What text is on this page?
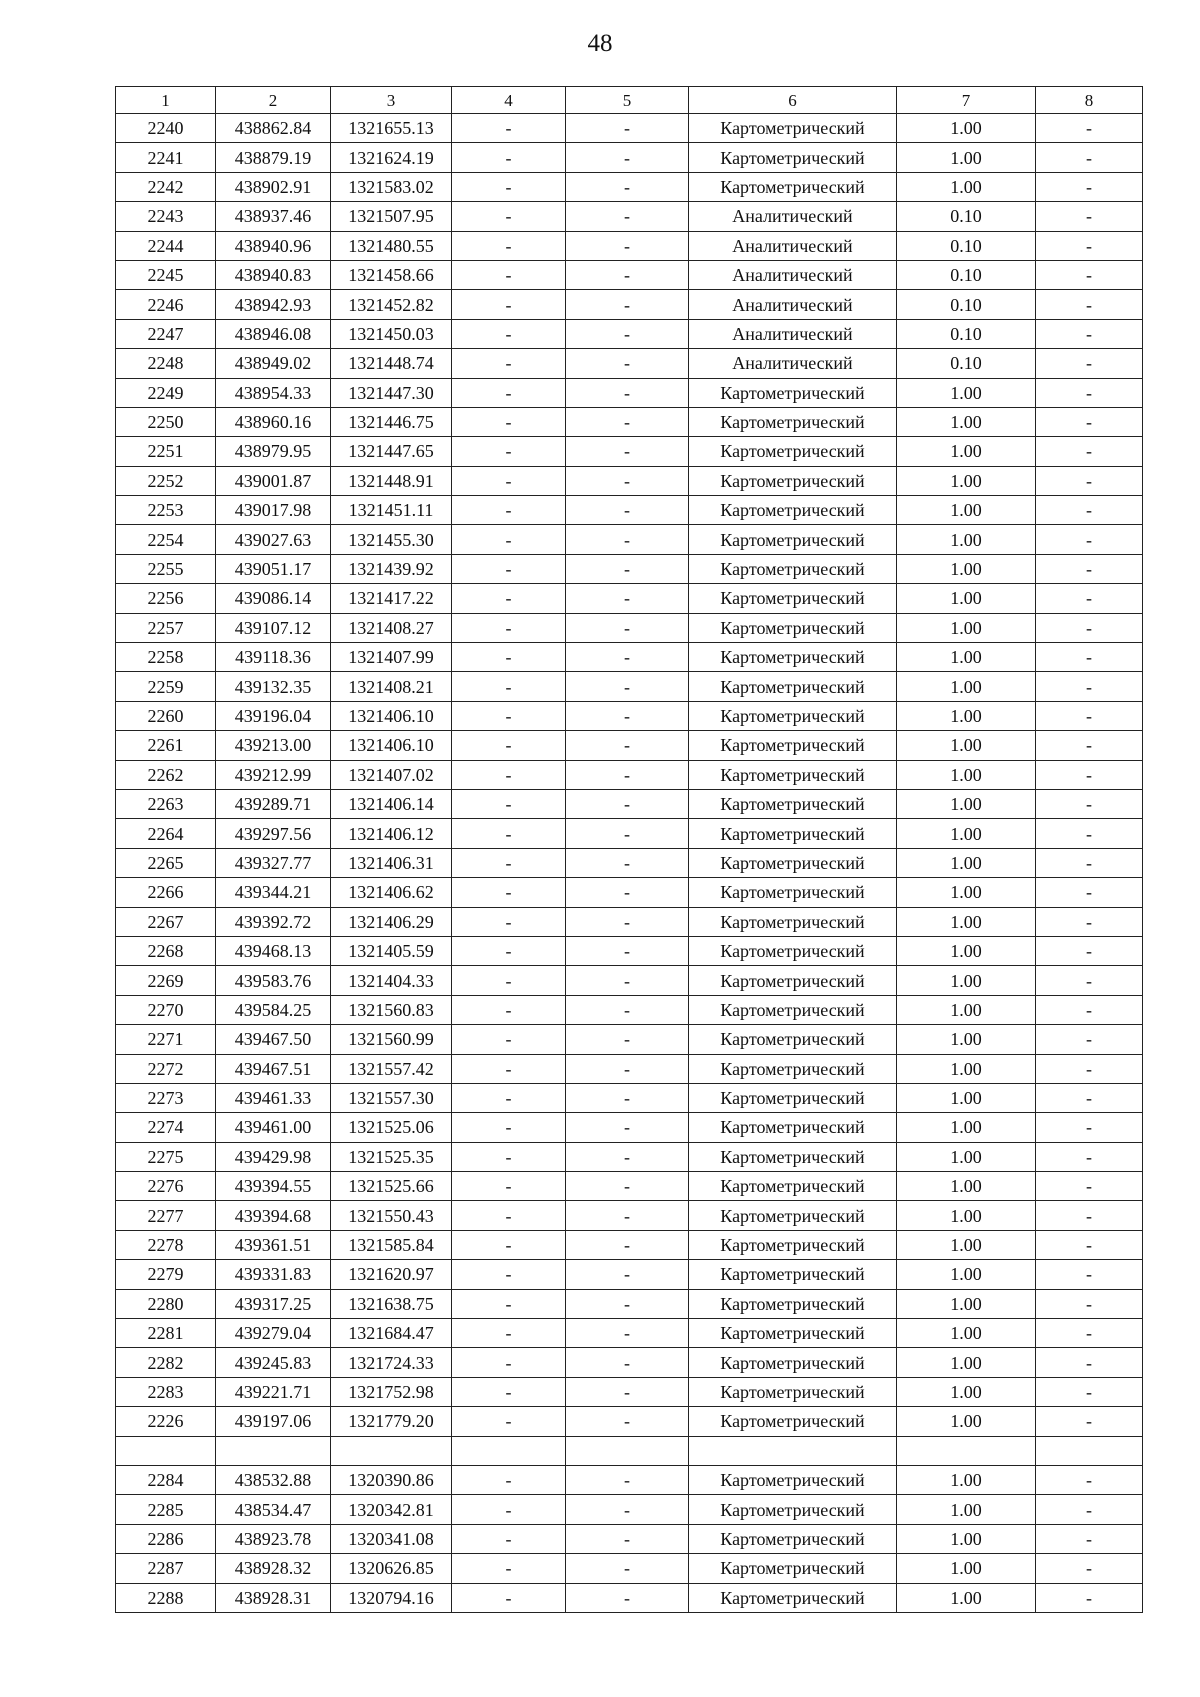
48
1	2	3	4	5	6	7	8
2240	438862.84	1321655.13	-	-	Картометрический	1.00	-
2241	438879.19	1321624.19	-	-	Картометрический	1.00	-
2242	438902.91	1321583.02	-	-	Картометрический	1.00	-
2243	438937.46	1321507.95	-	-	Аналитический	0.10	-
2244	438940.96	1321480.55	-	-	Аналитический	0.10	-
2245	438940.83	1321458.66	-	-	Аналитический	0.10	-
2246	438942.93	1321452.82	-	-	Аналитический	0.10	-
2247	438946.08	1321450.03	-	-	Аналитический	0.10	-
2248	438949.02	1321448.74	-	-	Аналитический	0.10	-
2249	438954.33	1321447.30	-	-	Картометрический	1.00	-
2250	438960.16	1321446.75	-	-	Картометрический	1.00	-
2251	438979.95	1321447.65	-	-	Картометрический	1.00	-
2252	439001.87	1321448.91	-	-	Картометрический	1.00	-
2253	439017.98	1321451.11	-	-	Картометрический	1.00	-
2254	439027.63	1321455.30	-	-	Картометрический	1.00	-
2255	439051.17	1321439.92	-	-	Картометрический	1.00	-
2256	439086.14	1321417.22	-	-	Картометрический	1.00	-
2257	439107.12	1321408.27	-	-	Картометрический	1.00	-
2258	439118.36	1321407.99	-	-	Картометрический	1.00	-
2259	439132.35	1321408.21	-	-	Картометрический	1.00	-
2260	439196.04	1321406.10	-	-	Картометрический	1.00	-
2261	439213.00	1321406.10	-	-	Картометрический	1.00	-
2262	439212.99	1321407.02	-	-	Картометрический	1.00	-
2263	439289.71	1321406.14	-	-	Картометрический	1.00	-
2264	439297.56	1321406.12	-	-	Картометрический	1.00	-
2265	439327.77	1321406.31	-	-	Картометрический	1.00	-
2266	439344.21	1321406.62	-	-	Картометрический	1.00	-
2267	439392.72	1321406.29	-	-	Картометрический	1.00	-
2268	439468.13	1321405.59	-	-	Картометрический	1.00	-
2269	439583.76	1321404.33	-	-	Картометрический	1.00	-
2270	439584.25	1321560.83	-	-	Картометрический	1.00	-
2271	439467.50	1321560.99	-	-	Картометрический	1.00	-
2272	439467.51	1321557.42	-	-	Картометрический	1.00	-
2273	439461.33	1321557.30	-	-	Картометрический	1.00	-
2274	439461.00	1321525.06	-	-	Картометрический	1.00	-
2275	439429.98	1321525.35	-	-	Картометрический	1.00	-
2276	439394.55	1321525.66	-	-	Картометрический	1.00	-
2277	439394.68	1321550.43	-	-	Картометрический	1.00	-
2278	439361.51	1321585.84	-	-	Картометрический	1.00	-
2279	439331.83	1321620.97	-	-	Картометрический	1.00	-
2280	439317.25	1321638.75	-	-	Картометрический	1.00	-
2281	439279.04	1321684.47	-	-	Картометрический	1.00	-
2282	439245.83	1321724.33	-	-	Картометрический	1.00	-
2283	439221.71	1321752.98	-	-	Картометрический	1.00	-
2226	439197.06	1321779.20	-	-	Картометрический	1.00	-

2284	438532.88	1320390.86	-	-	Картометрический	1.00	-
2285	438534.47	1320342.81	-	-	Картометрический	1.00	-
2286	438923.78	1320341.08	-	-	Картометрический	1.00	-
2287	438928.32	1320626.85	-	-	Картометрический	1.00	-
2288	438928.31	1320794.16	-	-	Картометрический	1.00	-
